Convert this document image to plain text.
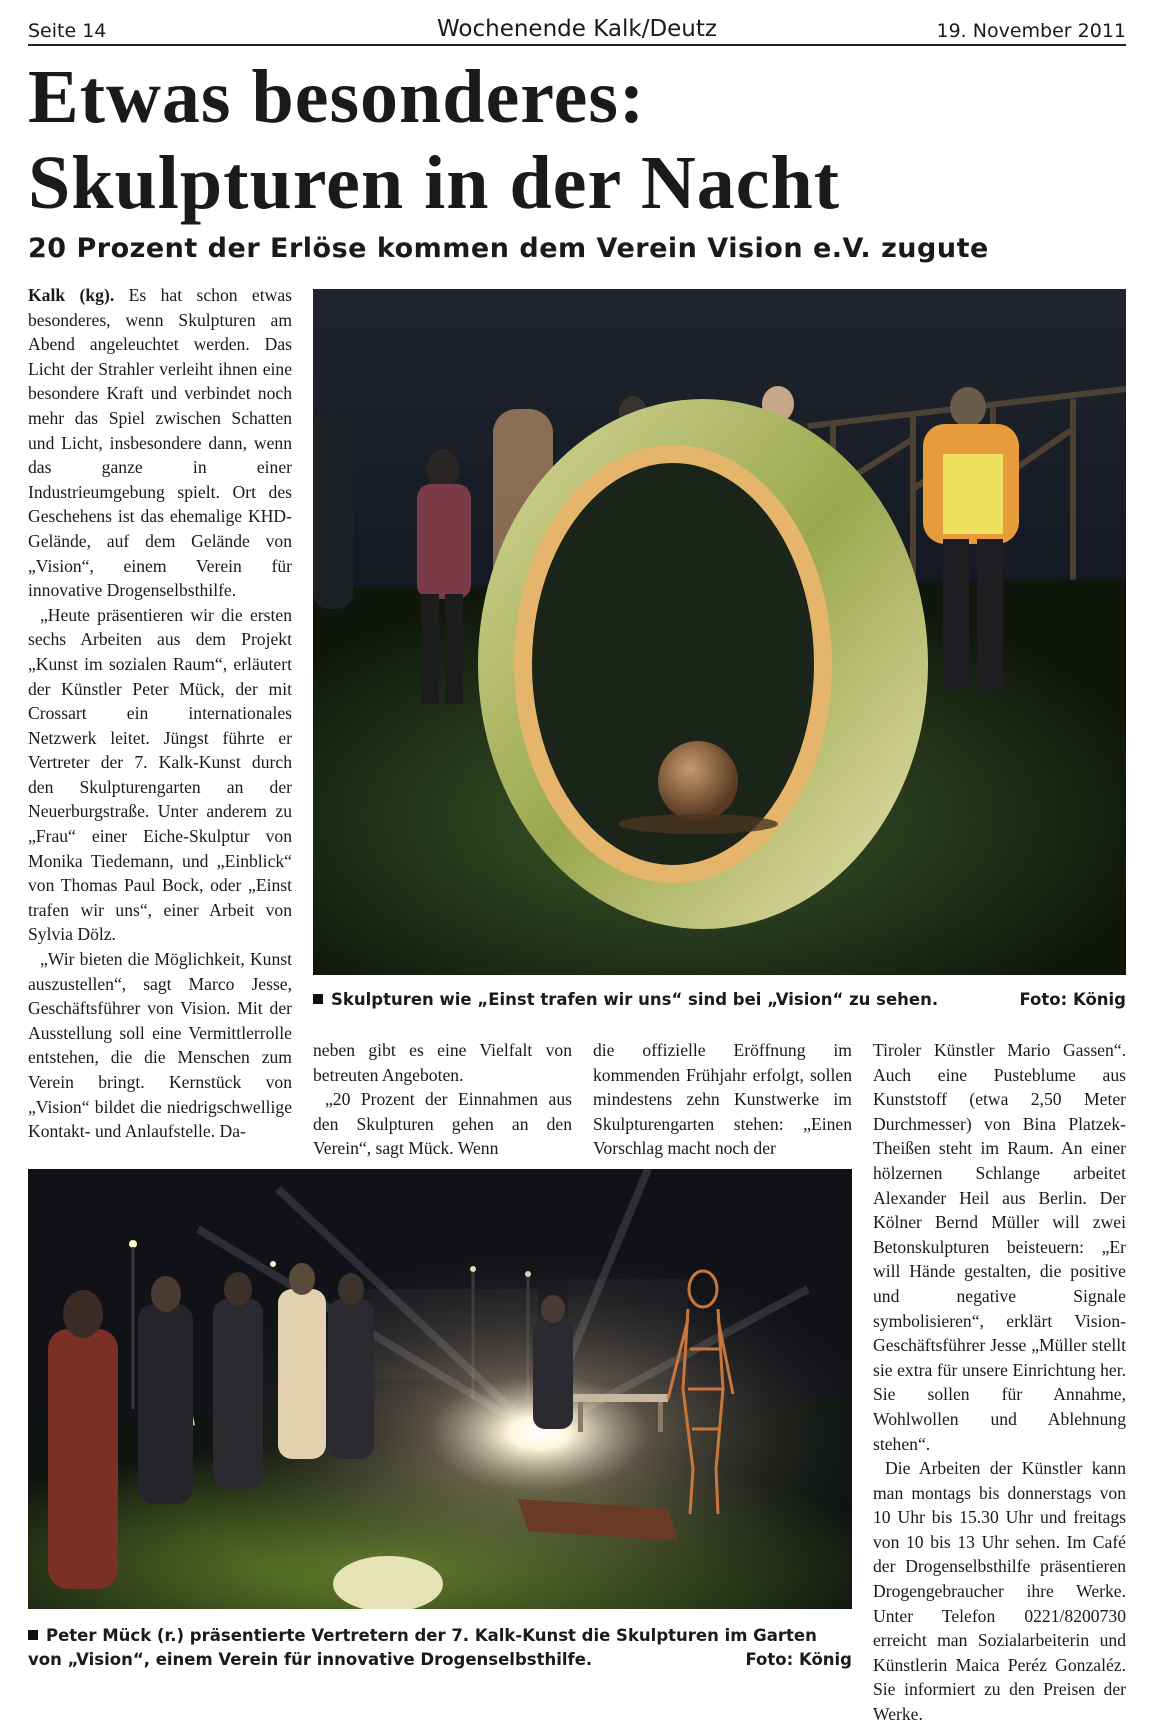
Seite 14	Wochenende Kalk/Deutz	19. November 2011
Etwas besonderes:
Skulpturen in der Nacht
20 Prozent der Erlöse kommen dem Verein Vision e.V. zugute

Kalk (kg). Es hat schon etwas besonderes, wenn Skulpturen am Abend angeleuchtet werden. Das Licht der Strahler verleiht ihnen eine besondere Kraft und verbindet noch mehr das Spiel zwischen Schatten und Licht, insbesondere dann, wenn das ganze in einer Industrieumgebung spielt. Ort des Geschehens ist das ehemalige KHD-Gelände, auf dem Gelände von „Vision“, einem Verein für innovative Drogenselbsthilfe.

„Heute präsentieren wir die ersten sechs Arbeiten aus dem Projekt „Kunst im sozialen Raum“, erläutert der Künstler Peter Mück, der mit Crossart ein internationales Netzwerk leitet. Jüngst führte er Vertreter der 7. Kalk-Kunst durch den Skulpturengarten an der Neuerburgstraße. Unter anderem zu „Frau“ einer Eiche-Skulptur von Monika Tiedemann, und „Einblick“ von Thomas Paul Bock, oder „Einst trafen wir uns“, einer Arbeit von Sylvia Dölz.

„Wir bieten die Möglichkeit, Kunst auszustellen“, sagt Marco Jesse, Geschäftsführer von Vision. Mit der Ausstellung soll eine Vermittlerrolle entstehen, die die Menschen zum Verein bringt. Kernstück von „Vision“ bildet die niedrigschwellige Kontakt- und Anlaufstelle. Da-

Skulpturen wie „Einst trafen wir uns“ sind bei „Vision“ zu sehen.	Foto: König

neben gibt es eine Vielfalt von betreuten Angeboten.

„20 Prozent der Einnahmen aus den Skulpturen gehen an den Verein“, sagt Mück. Wenn

die offizielle Eröffnung im kommenden Frühjahr erfolgt, sollen mindestens zehn Kunstwerke im Skulpturengarten stehen: „Einen Vorschlag macht noch der

Tiroler Künstler Mario Gassen“. Auch eine Pusteblume aus Kunststoff (etwa 2,50 Meter Durchmesser) von Bina Platzek-Theißen steht im Raum. An einer hölzernen Schlange arbeitet Alexander Heil aus Berlin. Der Kölner Bernd Müller will zwei Betonskulpturen beisteuern: „Er will Hände gestalten, die positive und negative Signale symbolisieren“, erklärt Vision-Geschäftsführer Jesse „Müller stellt sie extra für unsere Einrichtung her. Sie sollen für Annahme, Wohlwollen und Ablehnung stehen“.

Die Arbeiten der Künstler kann man montags bis donnerstags von 10 Uhr bis 15.30 Uhr und freitags von 10 bis 13 Uhr sehen. Im Café der Drogenselbsthilfe präsentieren Drogengebraucher ihre Werke. Unter Telefon 0221/8200730 erreicht man Sozialarbeiterin und Künstlerin Maica Peréz Gonzaléz. Sie informiert zu den Preisen der Werke.

Peter Mück (r.) präsentierte Vertretern der 7. Kalk-Kunst die Skulpturen im Garten von „Vision“, einem Verein für innovative Drogenselbsthilfe.	Foto: König
